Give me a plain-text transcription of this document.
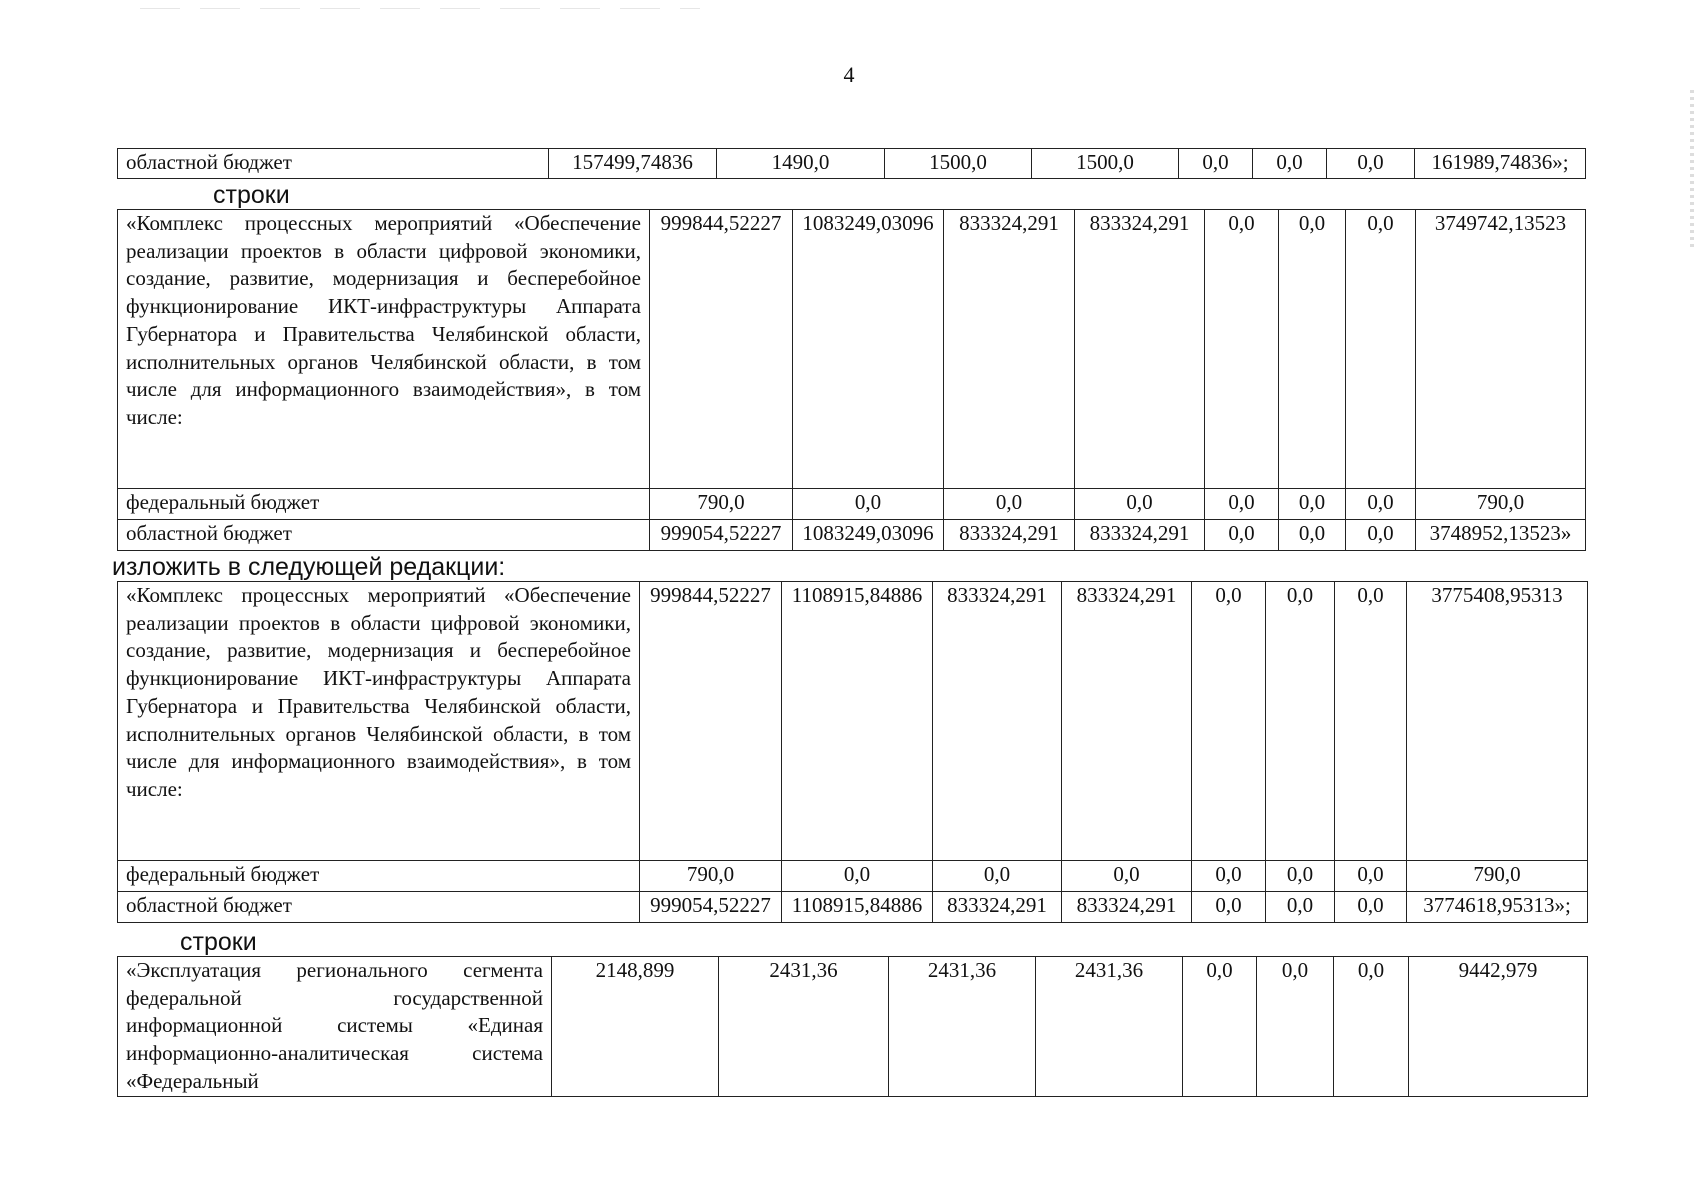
4
областной бюджет	157499,74836	1490,0	1500,0	1500,0	0,0	0,0	0,0	161989,74836»;
строки
«Комплекс процессных мероприятий «Обеспечение реализации проектов в области цифровой экономики, создание, развитие, модернизация и бесперебойное функционирование ИКТ-инфраструктуры Аппарата Губернатора и Правительства Челябинской области, исполнительных органов Челябинской области, в том числе для информационного взаимодействия», в том числе:	999844,52227	1083249,03096	833324,291	833324,291	0,0	0,0	0,0	3749742,13523
федеральный бюджет	790,0	0,0	0,0	0,0	0,0	0,0	0,0	790,0
областной бюджет	999054,52227	1083249,03096	833324,291	833324,291	0,0	0,0	0,0	3748952,13523»
изложить в следующей редакции:
«Комплекс процессных мероприятий «Обеспечение реализации проектов в области цифровой экономики, создание, развитие, модернизация и бесперебойное функционирование ИКТ-инфраструктуры Аппарата Губернатора и Правительства Челябинской области, исполнительных органов Челябинской области, в том числе для информационного взаимодействия», в том числе:	999844,52227	1108915,84886	833324,291	833324,291	0,0	0,0	0,0	3775408,95313
федеральный бюджет	790,0	0,0	0,0	0,0	0,0	0,0	0,0	790,0
областной бюджет	999054,52227	1108915,84886	833324,291	833324,291	0,0	0,0	0,0	3774618,95313»;
строки
«Эксплуатация регионального сегмента федеральной государственной информационной системы «Единая информационно-аналитическая система «Федеральный	2148,899	2431,36	2431,36	2431,36	0,0	0,0	0,0	9442,979
